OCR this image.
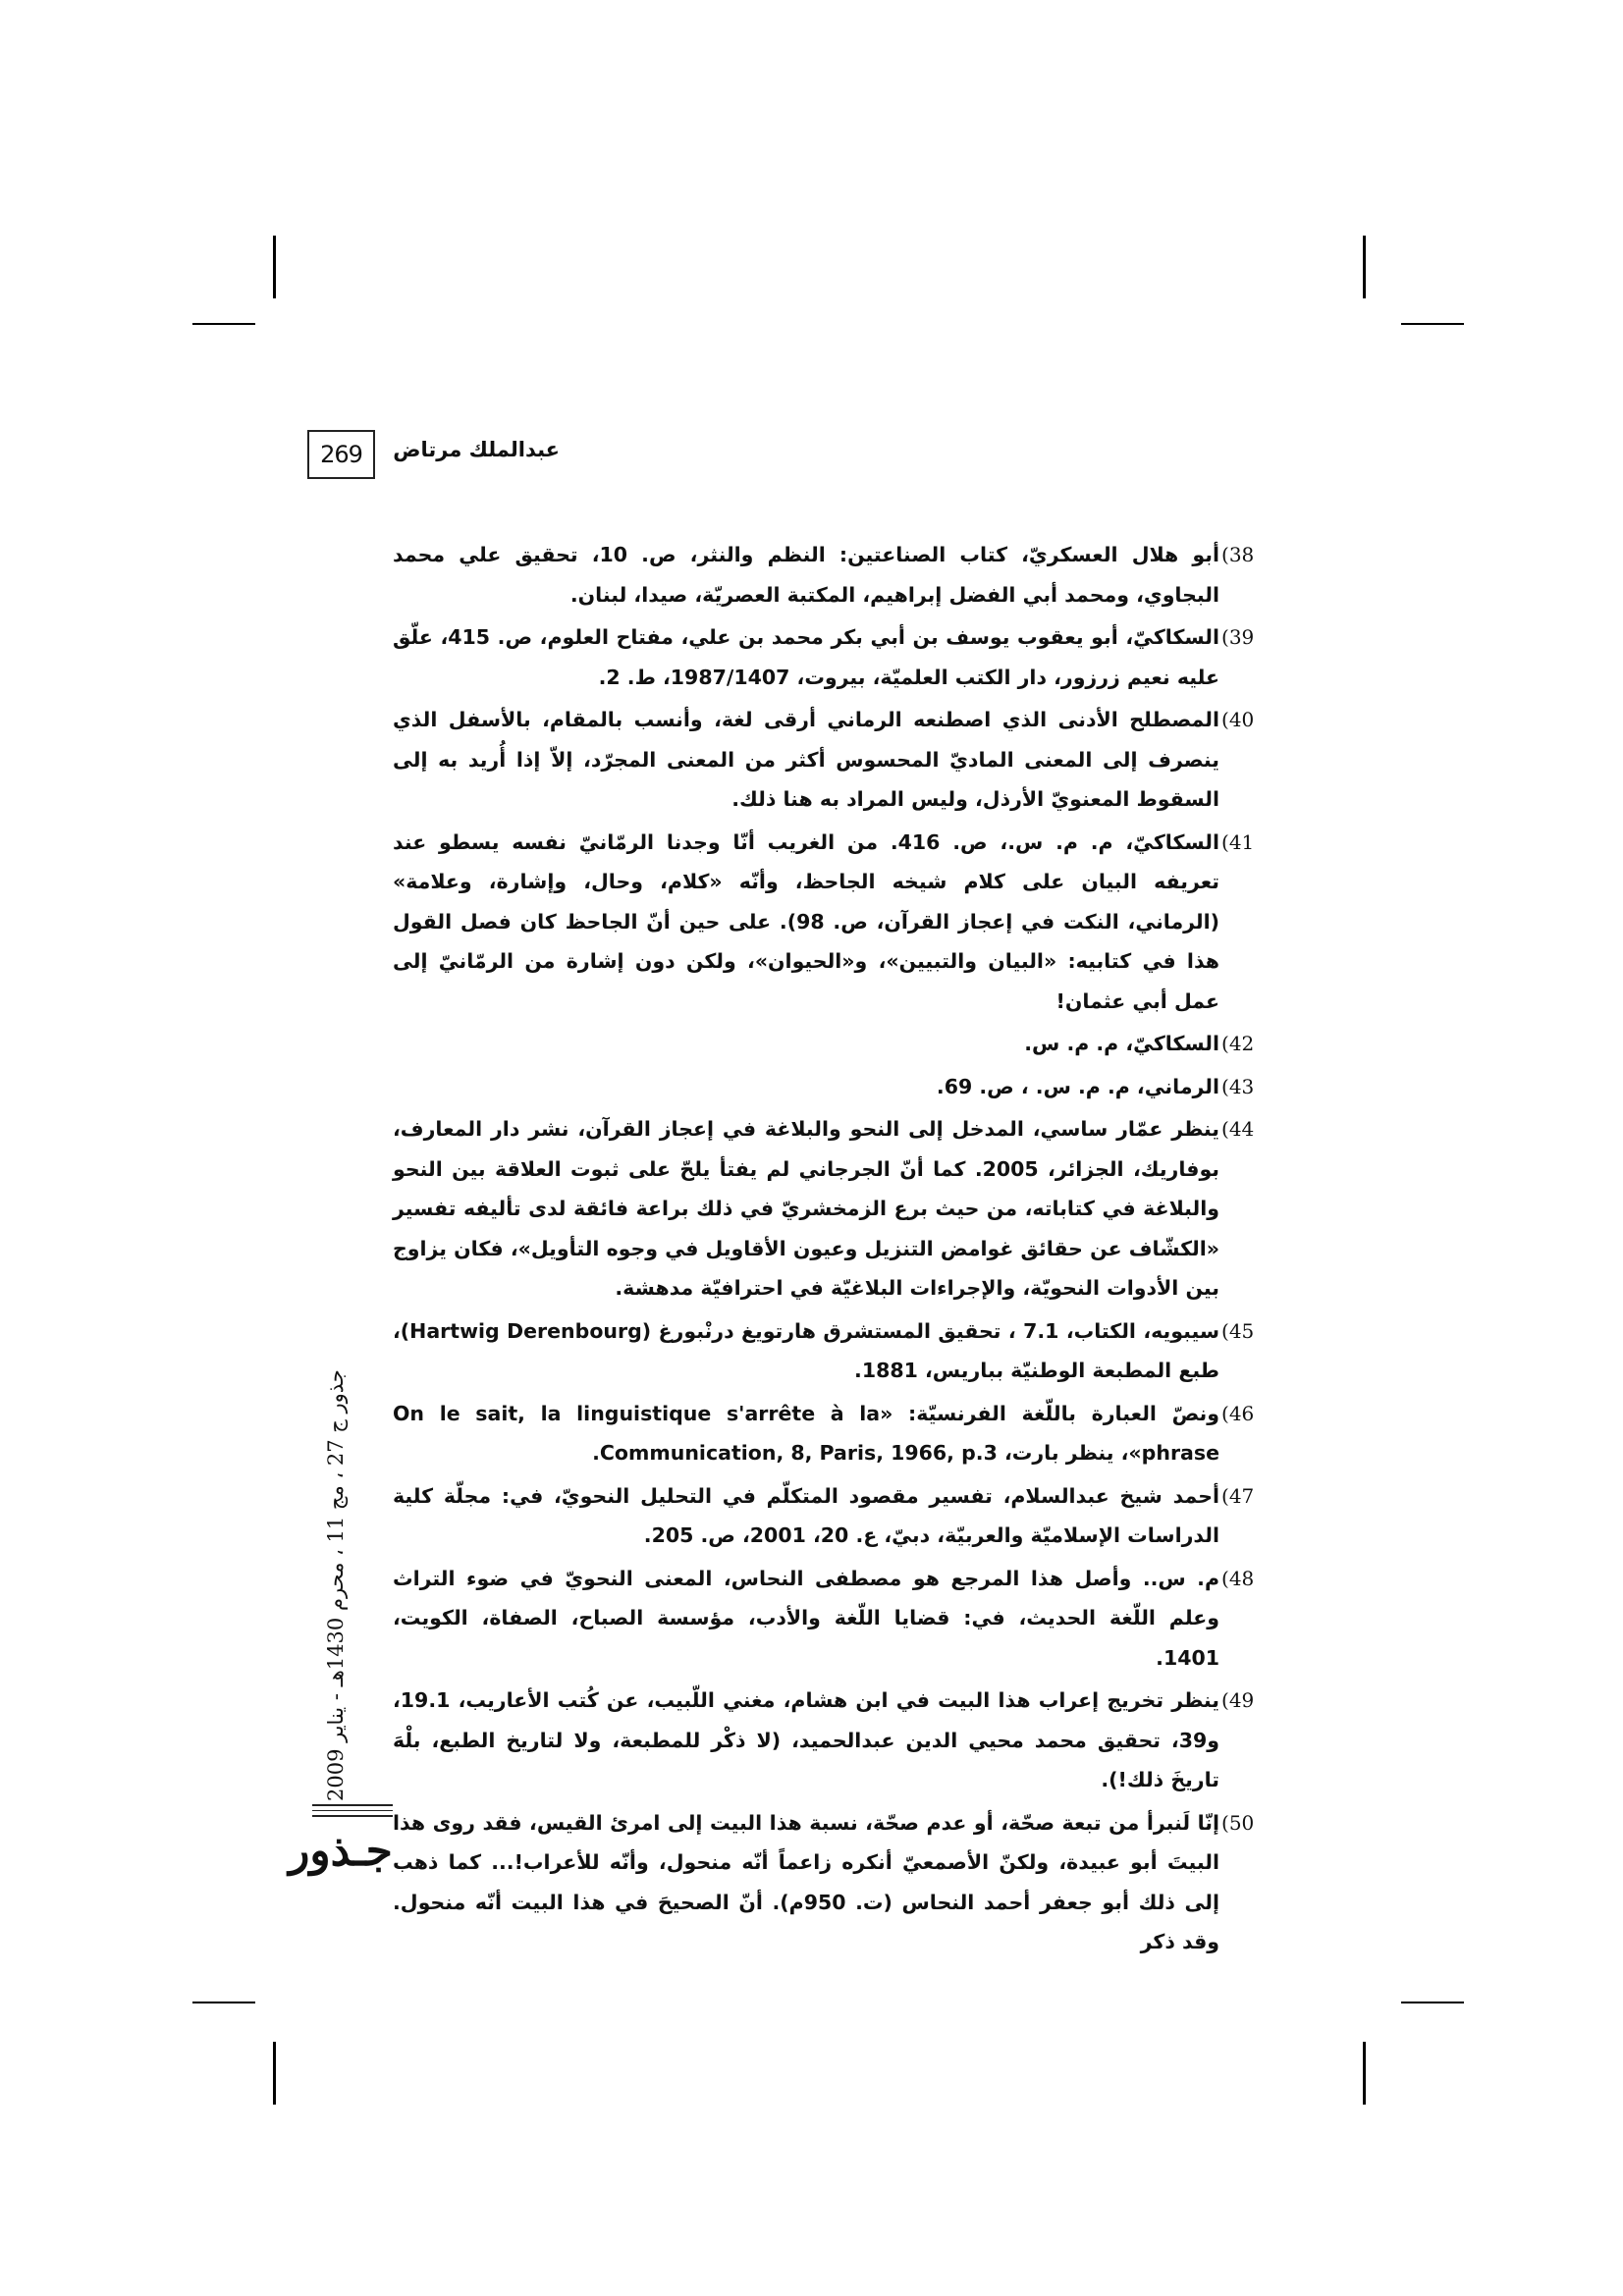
269	عبدالملك مرتاض
38)
أبو هلال العسكريّ، كتاب الصناعتين: النظم والنثر، ص. 10، تحقيق علي محمد البجاوي، ومحمد أبي الفضل إبراهيم، المكتبة العصريّة، صيدا، لبنان.
39)
السكاكيّ، أبو يعقوب يوسف بن أبي بكر محمد بن علي، مفتاح العلوم، ص. 415، علّق عليه نعيم زرزور، دار الكتب العلميّة، بيروت، 1987/1407، ط. 2.
40)
المصطلح الأدنى الذي اصطنعه الرماني أرقى لغة، وأنسب بالمقام، بالأسفل الذي ينصرف إلى المعنى الماديّ المحسوس أكثر من المعنى المجرّد، إلاّ إذا أُريد به إلى السقوط المعنويّ الأرذل، وليس المراد به هنا ذلك.
41)
السكاكيّ، م. م. س.، ص. 416. من الغريب أنّا وجدنا الرمّانيّ نفسه يسطو عند تعريفه البيان على كلام شيخه الجاحظ، وأنّه «كلام، وحال، وإشارة، وعلامة» (الرماني، النكت في إعجاز القرآن، ص. 98). على حين أنّ الجاحظ كان فصل القول هذا في كتابيه: «البيان والتبيين»، و«الحيوان»، ولكن دون إشارة من الرمّانيّ إلى عمل أبي عثمان!
42)
السكاكيّ، م. م. س.
43)
الرماني، م. م. س. ، ص. 69.
44)
ينظر عمّار ساسي، المدخل إلى النحو والبلاغة في إعجاز القرآن، نشر دار المعارف، بوفاريك، الجزائر، 2005. كما أنّ الجرجاني لم يفتأ يلحّ على ثبوت العلاقة بين النحو والبلاغة في كتاباته، من حيث برع الزمخشريّ في ذلك براعة فائقة لدى تأليفه تفسير «الكشّاف عن حقائق غوامض التنزيل وعيون الأقاويل في وجوه التأويل»، فكان يزاوج بين الأدوات النحويّة، والإجراءات البلاغيّة في احترافيّة مدهشة.
45)
سيبويه، الكتاب، 7.1 ، تحقيق المستشرق هارتويغ درنْبورغ (Hartwig Derenbourg)، طبع المطبعة الوطنيّة بباريس، 1881.
46)
ونصّ العبارة باللّغة الفرنسيّة: «On le sait, la linguistique s'arrête à la phrase»، ينظر بارت، Communication, 8, Paris, 1966, p.3.
47)
أحمد شيخ عبدالسلام، تفسير مقصود المتكلّم في التحليل النحويّ، في: مجلّة كلية الدراسات الإسلاميّة والعربيّة، دبيّ، ع. 20، 2001، ص. 205.
48)
م. س.. وأصل هذا المرجع هو مصطفى النحاس، المعنى النحويّ في ضوء التراث وعلم اللّغة الحديث، في: قضايا اللّغة والأدب، مؤسسة الصباح، الصفاة، الكويت، 1401.
49)
ينظر تخريج إعراب هذا البيت في ابن هشام، مغني اللّبيب، عن كُتب الأعاريب، 19.1، و39، تحقيق محمد محيي الدين عبدالحميد، (لا ذكْر للمطبعة، ولا لتاريخ الطبع، بلْهَ تاريخَ ذلك!).
50)
إنّا لَنبرأ من تبعة صحّة، أو عدم صحّة، نسبة هذا البيت إلى امرئ القيس، فقد روى هذا البيتَ أبو عبيدة، ولكنّ الأصمعيّ أنكره زاعماً أنّه منحول، وأنّه للأعراب!... كما ذهب إلى ذلك أبو جعفر أحمد النحاس (ت. 950م). أنّ الصحيحَ في هذا البيت أنّه منحول. وقد ذكر
جذور ج 27 ، مج 11 ، محرم 1430هـ - يناير 2009
جـذور
